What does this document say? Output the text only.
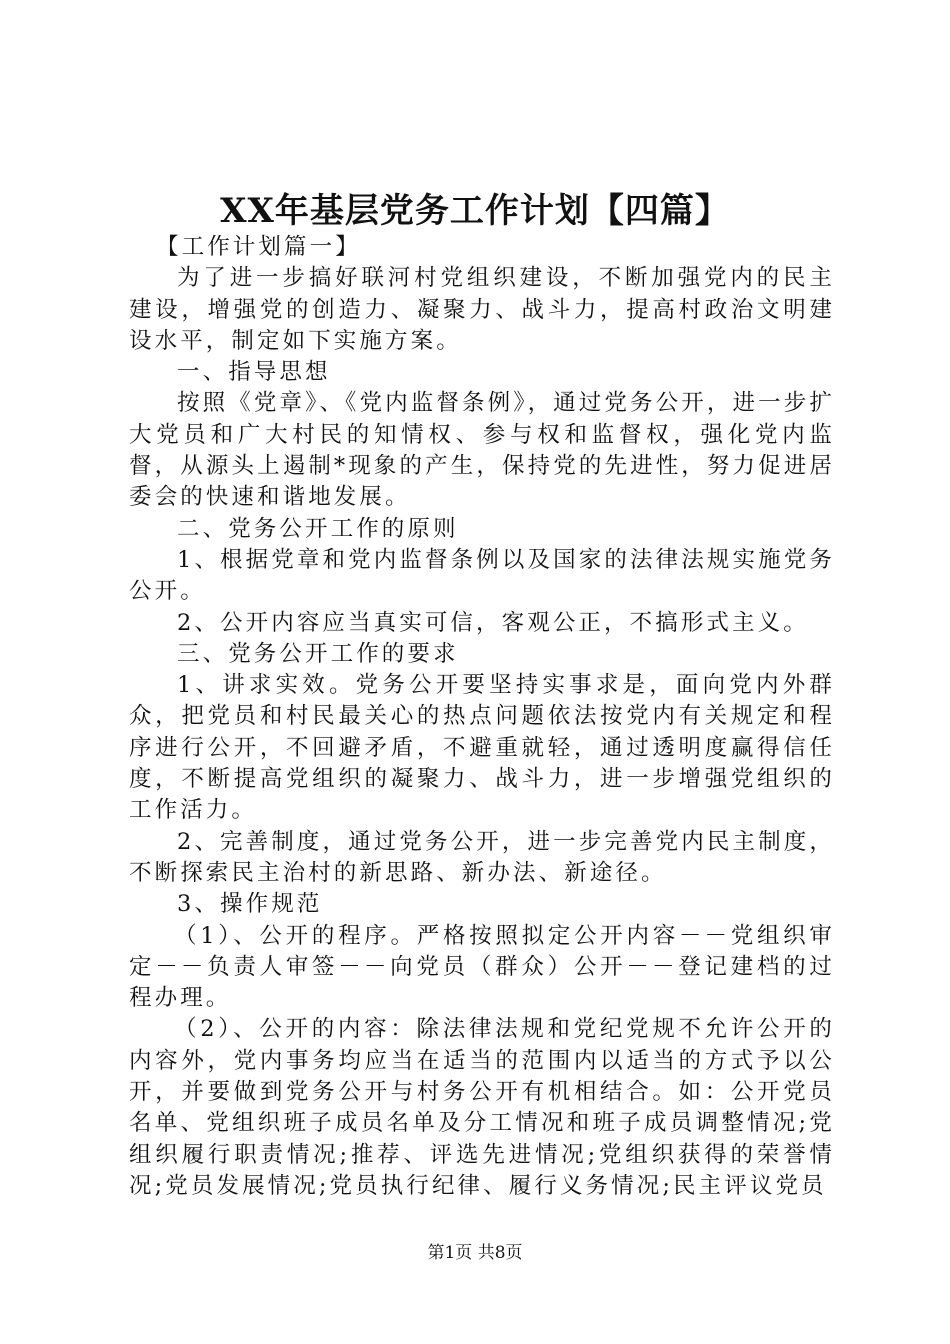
XX年基层党务工作计划【四篇】

【工作计划篇一】

为了进一步搞好联河村党组织建设，不断加强党内的民主建设，增强党的创造力、凝聚力、战斗力，提高村政治文明建设水平，制定如下实施方案。

一、指导思想

按照《党章》、《党内监督条例》，通过党务公开，进一步扩大党员和广大村民的知情权、参与权和监督权，强化党内监督，从源头上遏制*现象的产生，保持党的先进性，努力促进居委会的快速和谐地发展。

二、党务公开工作的原则

1、根据党章和党内监督条例以及国家的法律法规实施党务公开。

2、公开内容应当真实可信，客观公正，不搞形式主义。

三、党务公开工作的要求

1、讲求实效。党务公开要坚持实事求是，面向党内外群众，把党员和村民最关心的热点问题依法按党内有关规定和程序进行公开，不回避矛盾，不避重就轻，通过透明度赢得信任度，不断提高党组织的凝聚力、战斗力，进一步增强党组织的工作活力。

2、完善制度，通过党务公开，进一步完善党内民主制度，不断探索民主治村的新思路、新办法、新途径。

3、操作规范

（1）、公开的程序。严格按照拟定公开内容－－党组织审定－－负责人审签－－向党员（群众）公开－－登记建档的过程办理。

（2）、公开的内容：除法律法规和党纪党规不允许公开的内容外，党内事务均应当在适当的范围内以适当的方式予以公开，并要做到党务公开与村务公开有机相结合。如：公开党员名单、党组织班子成员名单及分工情况和班子成员调整情况;党组织履行职责情况;推荐、评选先进情况;党组织获得的荣誉情况;党员发展情况;党员执行纪律、履行义务情况;民主评议党员

第1页 共8页
